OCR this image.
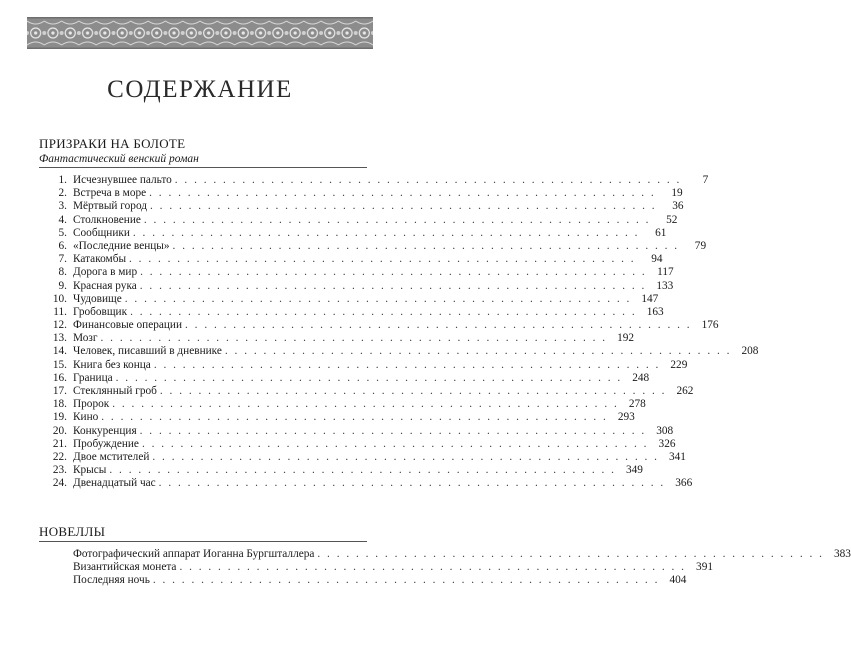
СОДЕРЖАНИЕ
ПРИЗРАКИ НА БОЛОТЕ
Фантастический венский роман
1. Исчезнувшее пальто . . . . . . . . . . . . . . . . . . . . . . . . . . . . . . . . . . . . . . . . . . . . . . . . . . . . .	7
2. Встреча в море . . . . . . . . . . . . . . . . . . . . . . . . . . . . . . . . . . . . . . . . . . . . . . . . . . . . .	19
3. Мёртвый город . . . . . . . . . . . . . . . . . . . . . . . . . . . . . . . . . . . . . . . . . . . . . . . . . . . . .	36
4. Столкновение . . . . . . . . . . . . . . . . . . . . . . . . . . . . . . . . . . . . . . . . . . . . . . . . . . . . .	52
5. Сообщники . . . . . . . . . . . . . . . . . . . . . . . . . . . . . . . . . . . . . . . . . . . . . . . . . . . . .	61
6. «Последние венцы» . . . . . . . . . . . . . . . . . . . . . . . . . . . . . . . . . . . . . . . . . . . . . . . . . . . . .	79
7. Катакомбы . . . . . . . . . . . . . . . . . . . . . . . . . . . . . . . . . . . . . . . . . . . . . . . . . . . . .	94
8. Дорога в мир . . . . . . . . . . . . . . . . . . . . . . . . . . . . . . . . . . . . . . . . . . . . . . . . . . . . . 117
9. Красная рука . . . . . . . . . . . . . . . . . . . . . . . . . . . . . . . . . . . . . . . . . . . . . . . . . . . . . 133
10. Чудовище . . . . . . . . . . . . . . . . . . . . . . . . . . . . . . . . . . . . . . . . . . . . . . . . . . . . . 147
11. Гробовщик . . . . . . . . . . . . . . . . . . . . . . . . . . . . . . . . . . . . . . . . . . . . . . . . . . . . . 163
12. Финансовые операции . . . . . . . . . . . . . . . . . . . . . . . . . . . . . . . . . . . . . . . . . . . . . . . . . . . . . 176
13. Мозг . . . . . . . . . . . . . . . . . . . . . . . . . . . . . . . . . . . . . . . . . . . . . . . . . . . . . 192
14. Человек, писавший в дневнике . . . . . . . . . . . . . . . . . . . . . . . . . . . . . . . . . . . . . . . . . . . . . . . . . . . . . 208
15. Книга без конца . . . . . . . . . . . . . . . . . . . . . . . . . . . . . . . . . . . . . . . . . . . . . . . . . . . . . 229
16. Граница . . . . . . . . . . . . . . . . . . . . . . . . . . . . . . . . . . . . . . . . . . . . . . . . . . . . . 248
17. Стеклянный гроб . . . . . . . . . . . . . . . . . . . . . . . . . . . . . . . . . . . . . . . . . . . . . . . . . . . . . 262
18. Пророк . . . . . . . . . . . . . . . . . . . . . . . . . . . . . . . . . . . . . . . . . . . . . . . . . . . . . 278
19. Кино . . . . . . . . . . . . . . . . . . . . . . . . . . . . . . . . . . . . . . . . . . . . . . . . . . . . . 293
20. Конкуренция . . . . . . . . . . . . . . . . . . . . . . . . . . . . . . . . . . . . . . . . . . . . . . . . . . . . . 308
21. Пробуждение . . . . . . . . . . . . . . . . . . . . . . . . . . . . . . . . . . . . . . . . . . . . . . . . . . . . . 326
22. Двое мстителей . . . . . . . . . . . . . . . . . . . . . . . . . . . . . . . . . . . . . . . . . . . . . . . . . . . . . 341
23. Крысы . . . . . . . . . . . . . . . . . . . . . . . . . . . . . . . . . . . . . . . . . . . . . . . . . . . . . 349
24. Двенадцатый час . . . . . . . . . . . . . . . . . . . . . . . . . . . . . . . . . . . . . . . . . . . . . . . . . . . . . 366
НОВЕЛЛЫ
Фотографический аппарат Иоганна Бургшталлера . . . . . . . . . . . . . . . . . . . . . . . . . . . . . . . . . . . . . . . . . . . . . . . . . . . . . 383
Византийская монета . . . . . . . . . . . . . . . . . . . . . . . . . . . . . . . . . . . . . . . . . . . . . . . . . . . . . 391
Последняя ночь . . . . . . . . . . . . . . . . . . . . . . . . . . . . . . . . . . . . . . . . . . . . . . . . . . . . . 404
